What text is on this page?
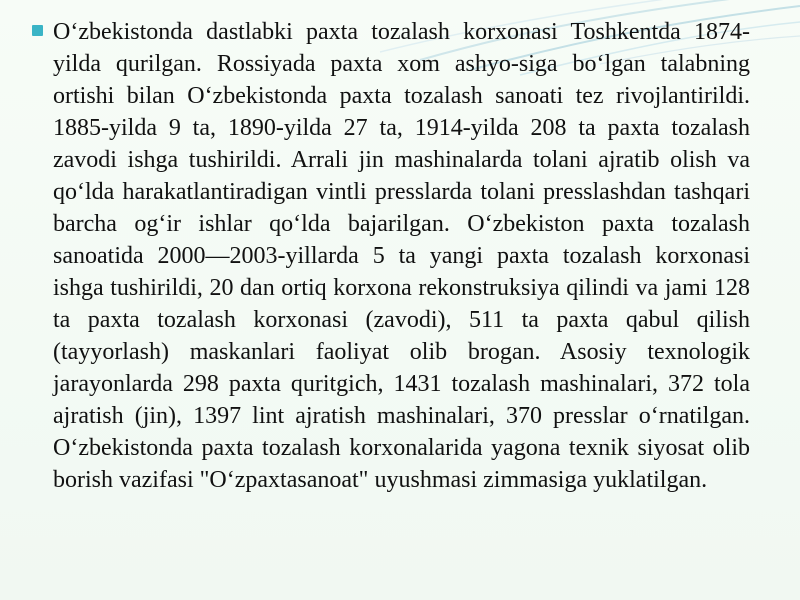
O‘zbekistonda dastlabki paxta tozalash korxonasi Toshkentda 1874-yilda qurilgan. Rossiyada paxta xom ashyo-siga bo‘lgan talabning ortishi bilan O‘zbekistonda paxta tozalash sanoati tez rivojlantirildi. 1885-yilda 9 ta, 1890-yilda 27 ta, 1914-yilda 208 ta paxta tozalash zavodi ishga tushirildi. Arrali jin mashinalarda tolani ajratib olish va qo‘lda harakatlantiradigan vintli presslarda tolani presslashdan tashqari barcha og‘ir ishlar qo‘lda bajarilgan. O‘zbekiston paxta tozalash sanoatida 2000—2003-yillarda 5 ta yangi paxta tozalash korxonasi ishga tushirildi, 20 dan ortiq korxona rekonstruksiya qilindi va jami 128 ta paxta tozalash korxonasi (zavodi), 511 ta paxta qabul qilish (tayyorlash) maskanlari faoliyat olib brogan. Asosiy texnologik jarayonlarda 298 paxta quritgich, 1431 tozalash mashinalari, 372 tola ajratish (jin), 1397 lint ajratish mashinalari, 370 presslar o‘rnatilgan. O‘zbekistonda paxta tozalash korxonalarida yagona texnik siyosat olib borish vazifasi "O‘zpaxtasanoat" uyushmasi zimmasiga yuklatilgan.
